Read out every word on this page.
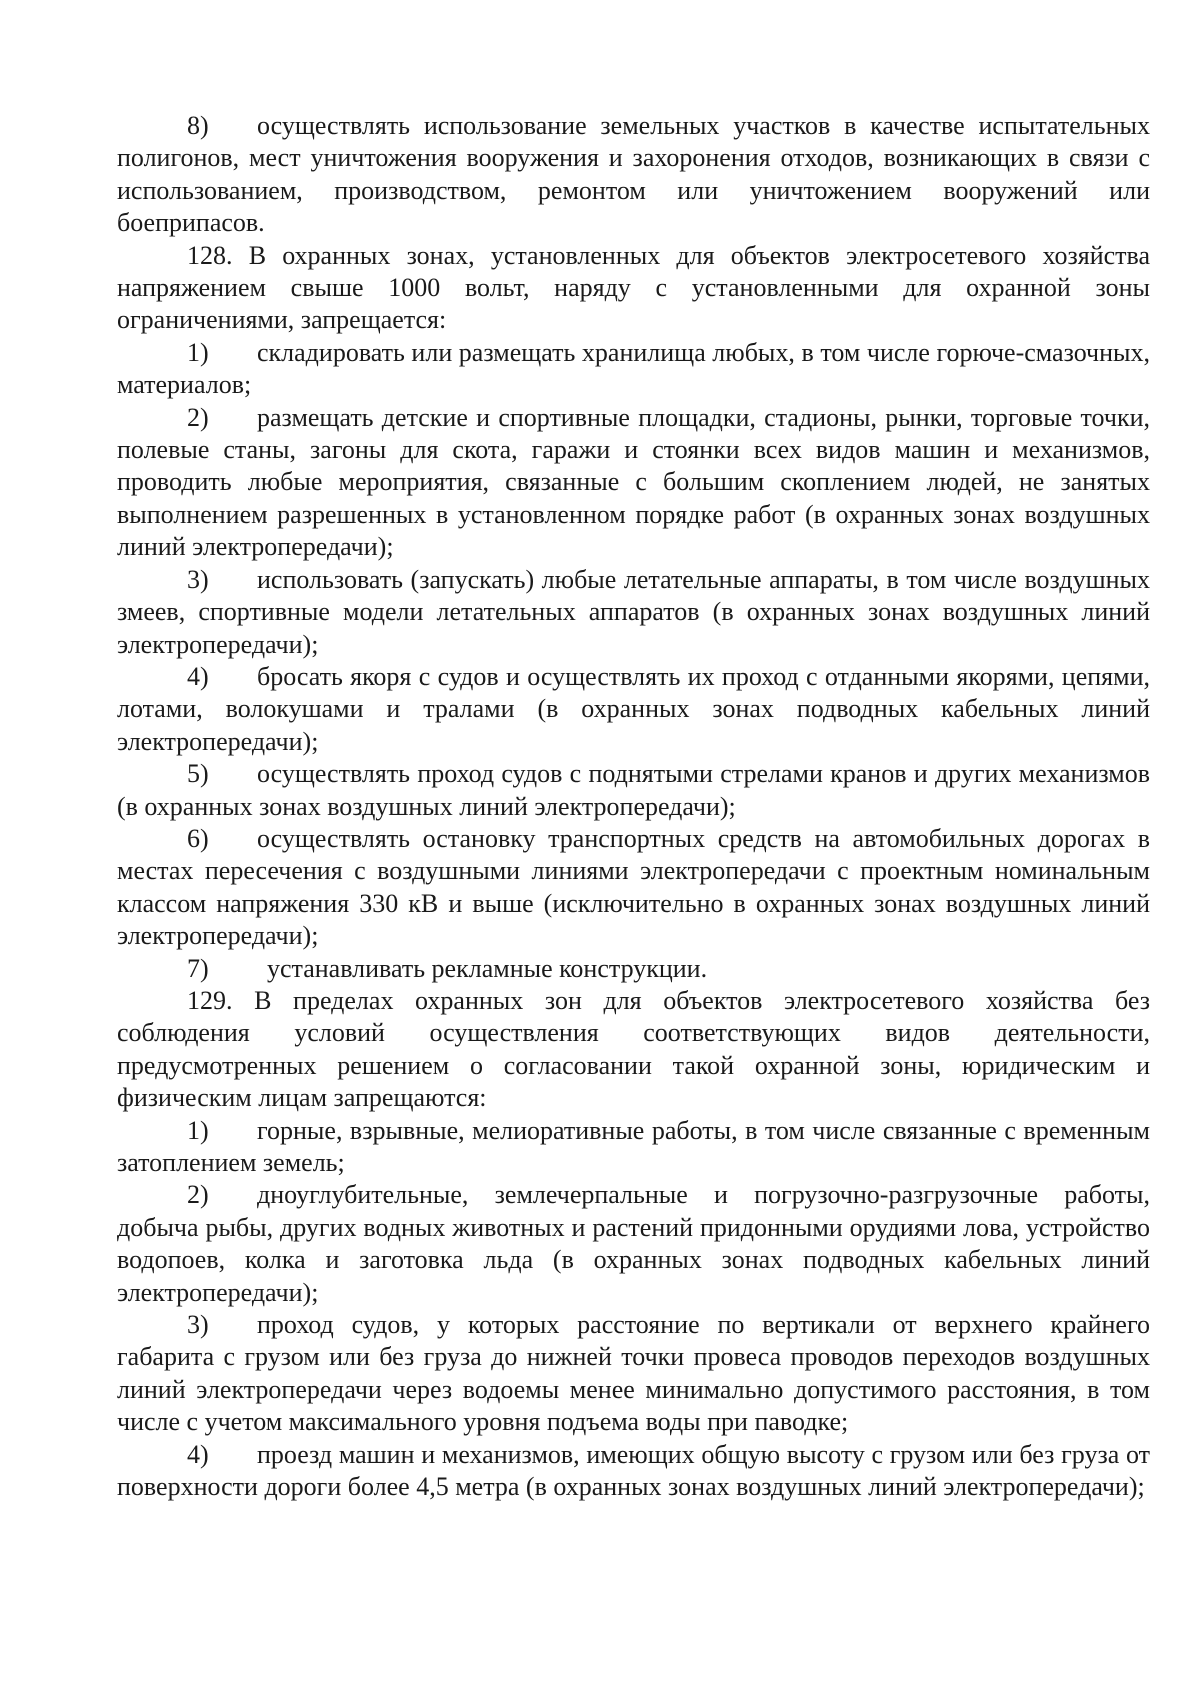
8) осуществлять использование земельных участков в качестве испытательных полигонов, мест уничтожения вооружения и захоронения отходов, возникающих в связи с использованием, производством, ремонтом или уничтожением вооружений или боеприпасов.

128. В охранных зонах, установленных для объектов электросетевого хозяйства напряжением свыше 1000 вольт, наряду с установленными для охранной зоны ограничениями, запрещается:

1) складировать или размещать хранилища любых, в том числе горюче-смазочных, материалов;

2) размещать детские и спортивные площадки, стадионы, рынки, торговые точки, полевые станы, загоны для скота, гаражи и стоянки всех видов машин и механизмов, проводить любые мероприятия, связанные с большим скоплением людей, не занятых выполнением разрешенных в установленном порядке работ (в охранных зонах воздушных линий электропередачи);

3) использовать (запускать) любые летательные аппараты, в том числе воздушных змеев, спортивные модели летательных аппаратов (в охранных зонах воздушных линий электропередачи);

4) бросать якоря с судов и осуществлять их проход с отданными якорями, цепями, лотами, волокушами и тралами (в охранных зонах подводных кабельных линий электропередачи);

5) осуществлять проход судов с поднятыми стрелами кранов и других механизмов (в охранных зонах воздушных линий электропередачи);

6) осуществлять остановку транспортных средств на автомобильных дорогах в местах пересечения с воздушными линиями электропередачи с проектным номинальным классом напряжения 330 кВ и выше (исключительно в охранных зонах воздушных линий электропередачи);

7) устанавливать рекламные конструкции.

129. В пределах охранных зон для объектов электросетевого хозяйства без соблюдения условий осуществления соответствующих видов деятельности, предусмотренных решением о согласовании такой охранной зоны, юридическим и физическим лицам запрещаются:

1) горные, взрывные, мелиоративные работы, в том числе связанные с временным затоплением земель;

2) дноуглубительные, землечерпальные и погрузочно-разгрузочные работы, добыча рыбы, других водных животных и растений придонными орудиями лова, устройство водопоев, колка и заготовка льда (в охранных зонах подводных кабельных линий электропередачи);

3) проход судов, у которых расстояние по вертикали от верхнего крайнего габарита с грузом или без груза до нижней точки провеса проводов переходов воздушных линий электропередачи через водоемы менее минимально допустимого расстояния, в том числе с учетом максимального уровня подъема воды при паводке;

4) проезд машин и механизмов, имеющих общую высоту с грузом или без груза от поверхности дороги более 4,5 метра (в охранных зонах воздушных линий электропередачи);
